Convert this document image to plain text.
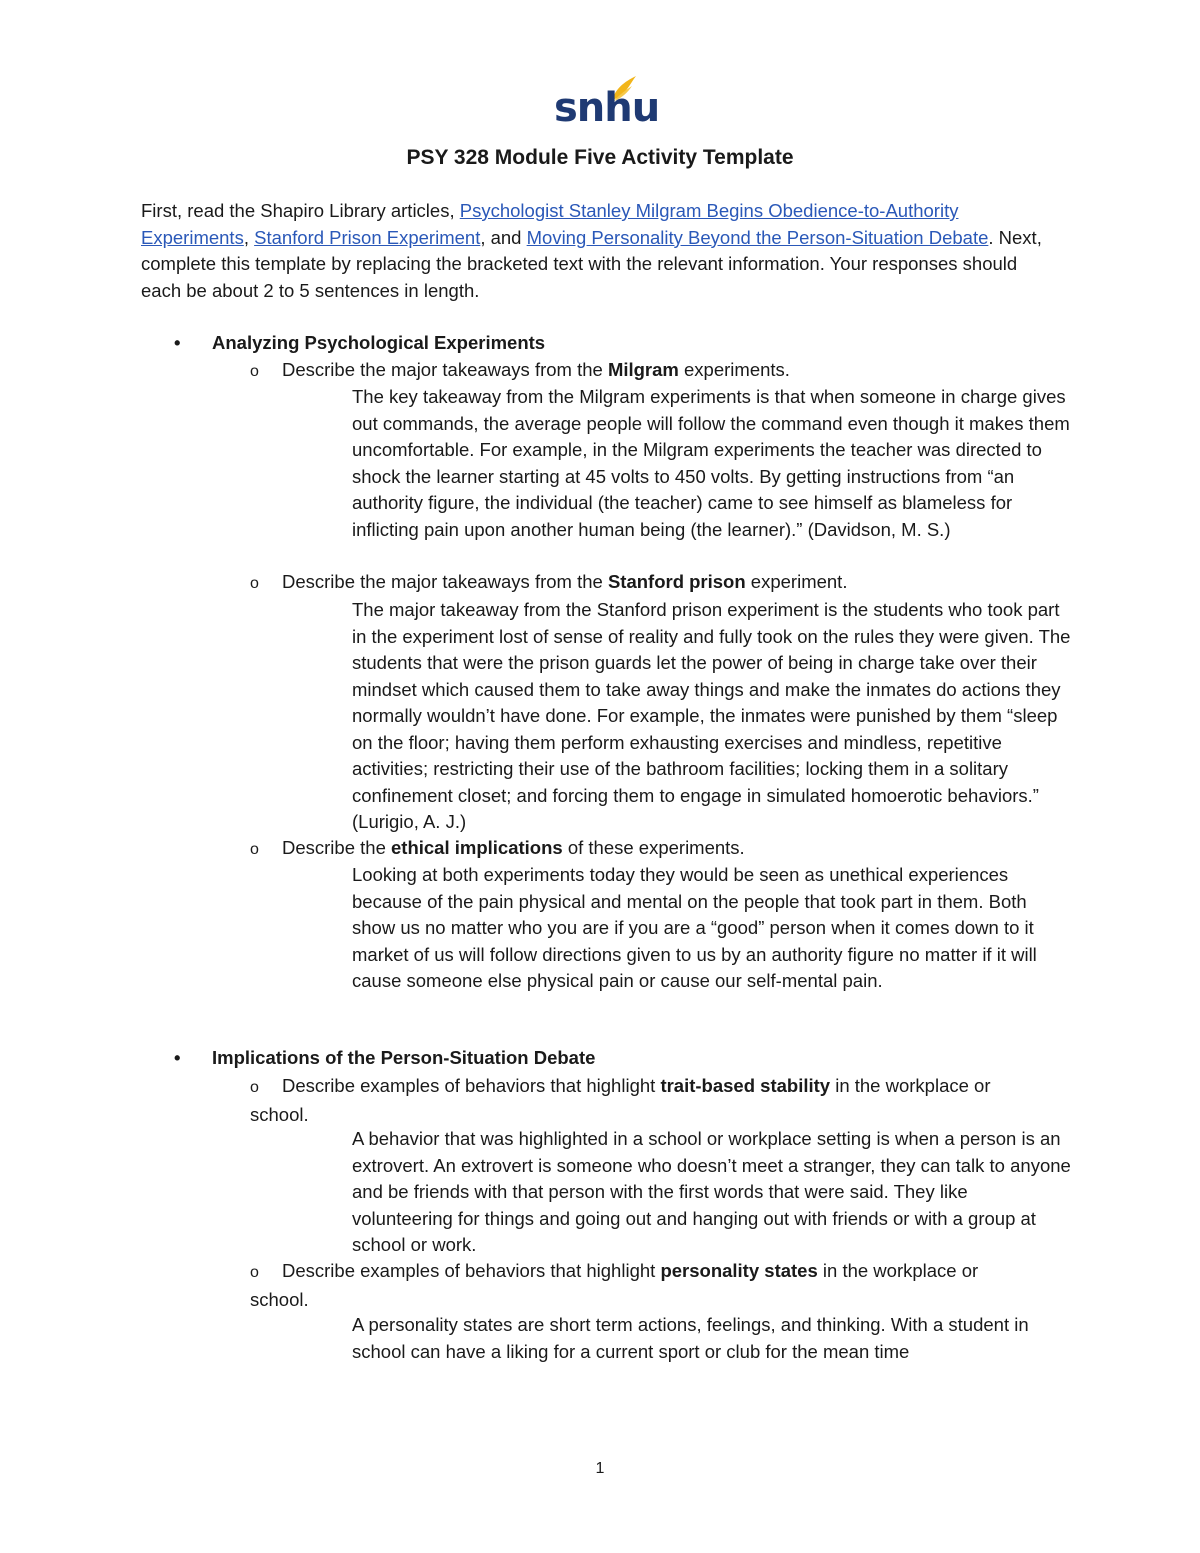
snhu
PSY 328 Module Five Activity Template

First, read the Shapiro Library articles, Psychologist Stanley Milgram Begins Obedience-to-Authority Experiments, Stanford Prison Experiment, and Moving Personality Beyond the Person-Situation Debate. Next, complete this template by replacing the bracketed text with the relevant information. Your responses should each be about 2 to 5 sentences in length.

• Analyzing Psychological Experiments
o Describe the major takeaways from the Milgram experiments.

The key takeaway from the Milgram experiments is that when someone in charge gives out commands, the average people will follow the command even though it makes them uncomfortable. For example, in the Milgram experiments the teacher was directed to shock the learner starting at 45 volts to 450 volts. By getting instructions from “an authority figure, the individual (the teacher) came to see himself as blameless for inflicting pain upon another human being (the learner).” (Davidson, M. S.)

o Describe the major takeaways from the Stanford prison experiment.

The major takeaway from the Stanford prison experiment is the students who took part in the experiment lost of sense of reality and fully took on the rules they were given. The students that were the prison guards let the power of being in charge take over their mindset which caused them to take away things and make the inmates do actions they normally wouldn’t have done. For example, the inmates were punished by them “sleep on the floor; having them perform exhausting exercises and mindless, repetitive activities; restricting their use of the bathroom facilities; locking them in a solitary confinement closet; and forcing them to engage in simulated homoerotic behaviors.” (Lurigio, A. J.)

o Describe the ethical implications of these experiments.

Looking at both experiments today they would be seen as unethical experiences because of the pain physical and mental on the people that took part in them. Both show us no matter who you are if you are a “good” person when it comes down to it market of us will follow directions given to us by an authority figure no matter if it will cause someone else physical pain or cause our self-mental pain.

• Implications of the Person-Situation Debate
o Describe examples of behaviors that highlight trait-based stability in the workplace or school.

A behavior that was highlighted in a school or workplace setting is when a person is an extrovert. An extrovert is someone who doesn’t meet a stranger, they can talk to anyone and be friends with that person with the first words that were said. They like volunteering for things and going out and hanging out with friends or with a group at school or work.

o Describe examples of behaviors that highlight personality states in the workplace or school.

A personality states are short term actions, feelings, and thinking. With a student in school can have a liking for a current sport or club for the mean time

1
